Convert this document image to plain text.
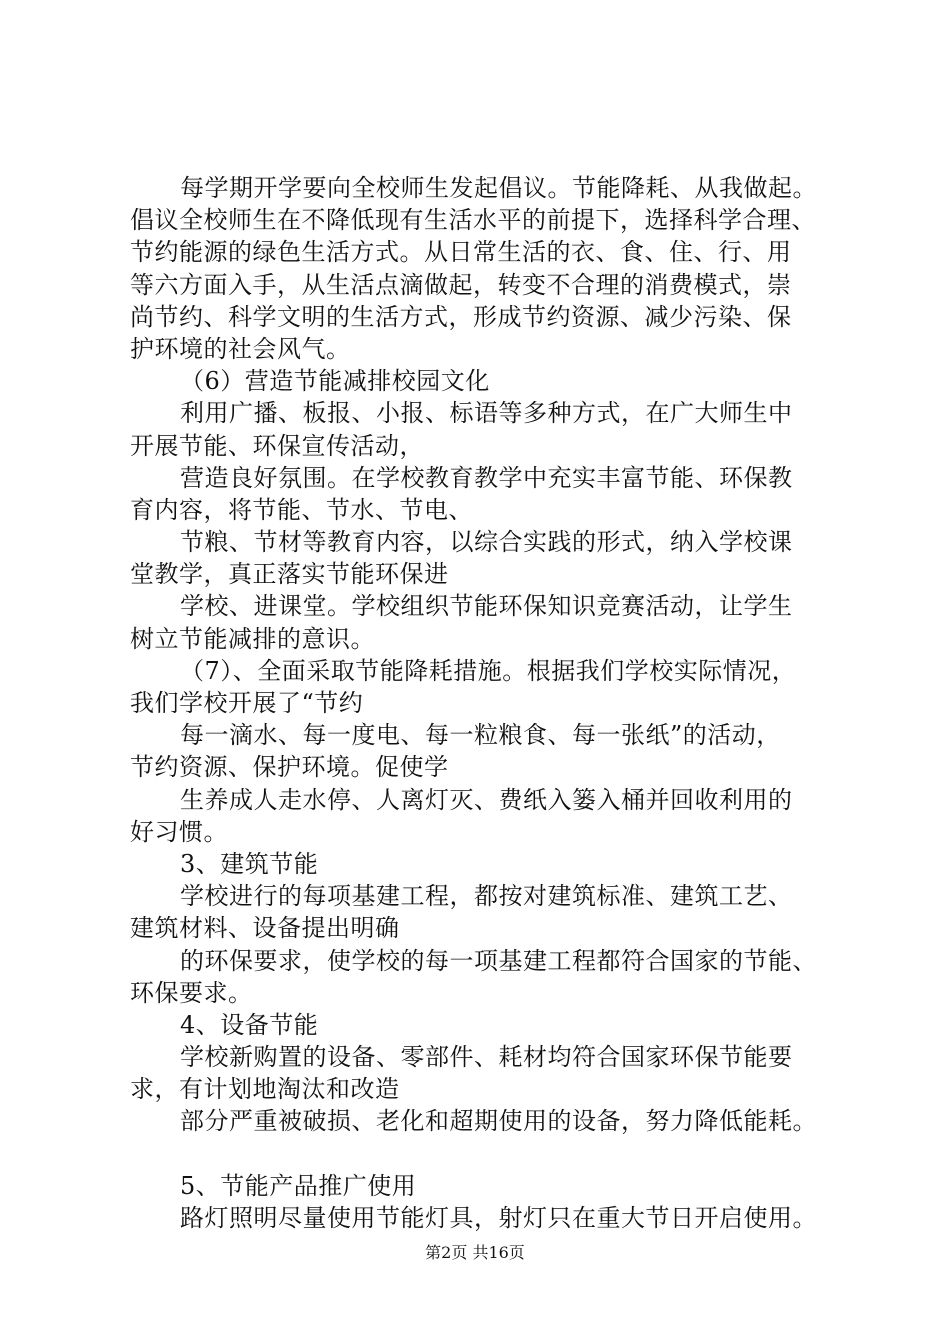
每学期开学要向全校师生发起倡议。节能降耗、从我做起。
倡议全校师生在不降低现有生活水平的前提下，选择科学合理、
节约能源的绿色生活方式。从日常生活的衣、食、住、行、用
等六方面入手，从生活点滴做起，转变不合理的消费模式，崇
尚节约、科学文明的生活方式，形成节约资源、减少污染、保
护环境的社会风气。
（6）营造节能减排校园文化
利用广播、板报、小报、标语等多种方式，在广大师生中
开展节能、环保宣传活动，
营造良好氛围。在学校教育教学中充实丰富节能、环保教
育内容，将节能、节水、节电、
节粮、节材等教育内容，以综合实践的形式，纳入学校课
堂教学，真正落实节能环保进
学校、进课堂。学校组织节能环保知识竞赛活动，让学生
树立节能减排的意识。
（7）、全面采取节能降耗措施。根据我们学校实际情况，
我们学校开展了“节约
每一滴水、每一度电、每一粒粮食、每一张纸”的活动，
节约资源、保护环境。促使学
生养成人走水停、人离灯灭、费纸入篓入桶并回收利用的
好习惯。
3、建筑节能
学校进行的每项基建工程，都按对建筑标准、建筑工艺、
建筑材料、设备提出明确
的环保要求，使学校的每一项基建工程都符合国家的节能、
环保要求。
4、设备节能
学校新购置的设备、零部件、耗材均符合国家环保节能要
求，有计划地淘汰和改造
部分严重被破损、老化和超期使用的设备，努力降低能耗。
5、节能产品推广使用
路灯照明尽量使用节能灯具，射灯只在重大节日开启使用。
第2页 共16页
